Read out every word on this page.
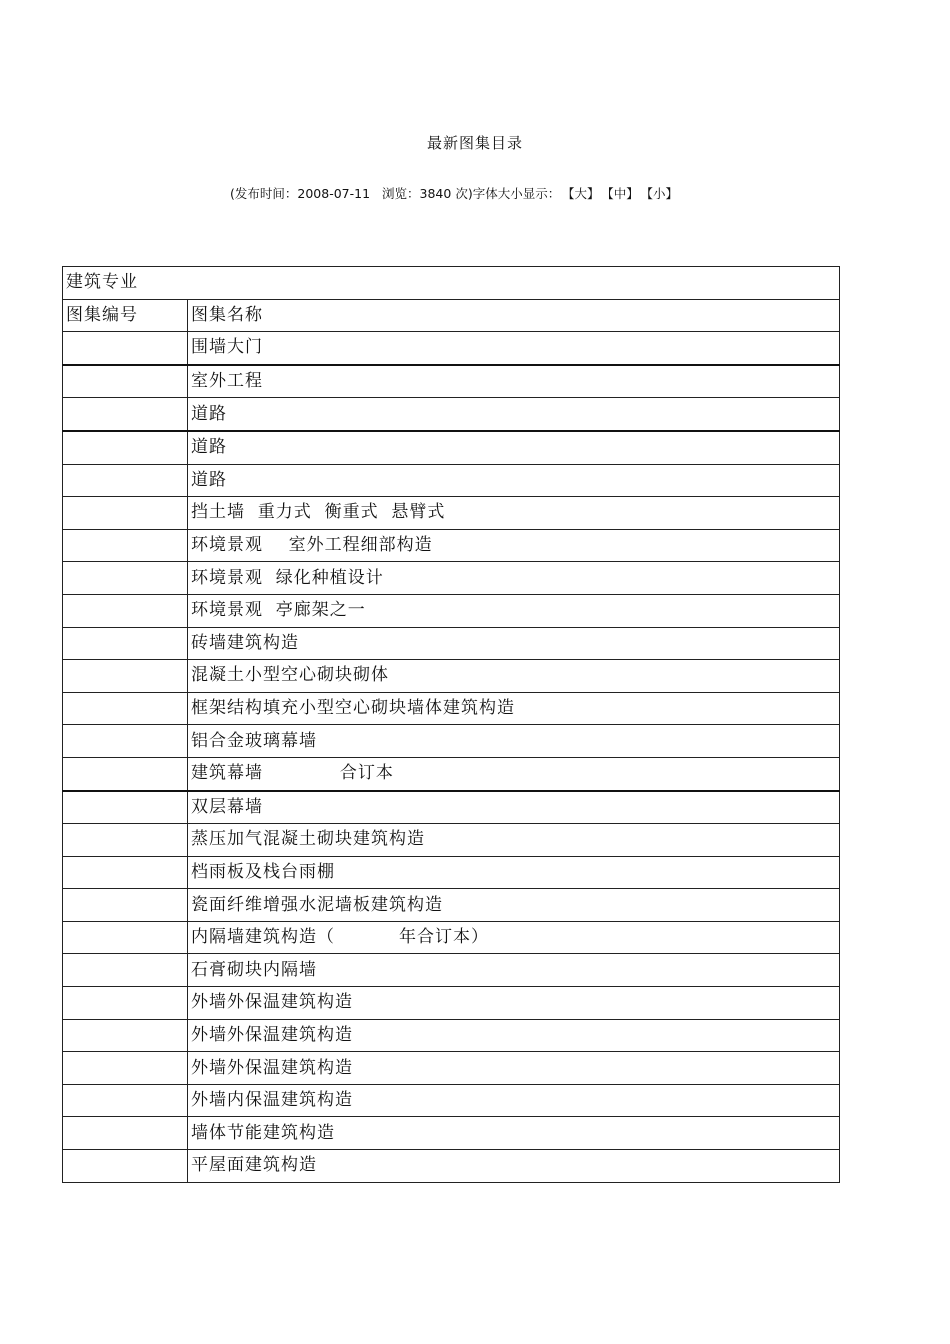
最新图集目录
(发布时间：2008-07-11 浏览：3840 次)字体大小显示： 【大】 【中】 【小】
建筑专业	
图集编号	图集名称
	围墙大门
	室外工程
	道路
	道路
	道路
	挡土墙  重力式  衡重式  悬臂式
	环境景观    室外工程细部构造
	环境景观  绿化种植设计
	环境景观  亭廊架之一
	砖墙建筑构造
	混凝土小型空心砌块砌体
	框架结构填充小型空心砌块墙体建筑构造
	铝合金玻璃幕墙
	建筑幕墙            合订本
	双层幕墙
	蒸压加气混凝土砌块建筑构造
	档雨板及栈台雨棚
	瓷面纤维增强水泥墙板建筑构造
	内隔墙建筑构造（          年合订本）
	石膏砌块内隔墙
	外墙外保温建筑构造
	外墙外保温建筑构造
	外墙外保温建筑构造
	外墙内保温建筑构造
	墙体节能建筑构造
	平屋面建筑构造
